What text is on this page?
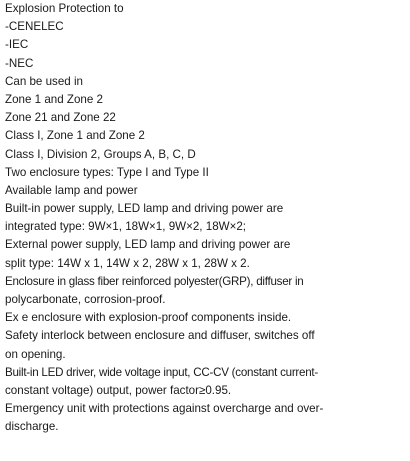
Explosion Protection to
-CENELEC
-IEC
-NEC
Can be used in
Zone 1 and Zone 2
Zone 21 and Zone 22
Class I, Zone 1 and Zone 2
Class I, Division 2, Groups A, B, C, D
Two enclosure types: Type I and Type II
Available lamp and power
Built-in power supply, LED lamp and driving power are
integrated type: 9W×1, 18W×1, 9W×2, 18W×2;
External power supply, LED lamp and driving power are
split type: 14W x 1, 14W x 2, 28W x 1, 28W x 2.
Enclosure in glass fiber reinforced polyester(GRP), diffuser in
polycarbonate, corrosion-proof.
Ex e enclosure with explosion-proof components inside.
Safety interlock between enclosure and diffuser, switches off
on opening.
Built-in LED driver, wide voltage input, CC-CV (constant current-
constant voltage) output, power factor≥0.95.
Emergency unit with protections against overcharge and over-
discharge.
